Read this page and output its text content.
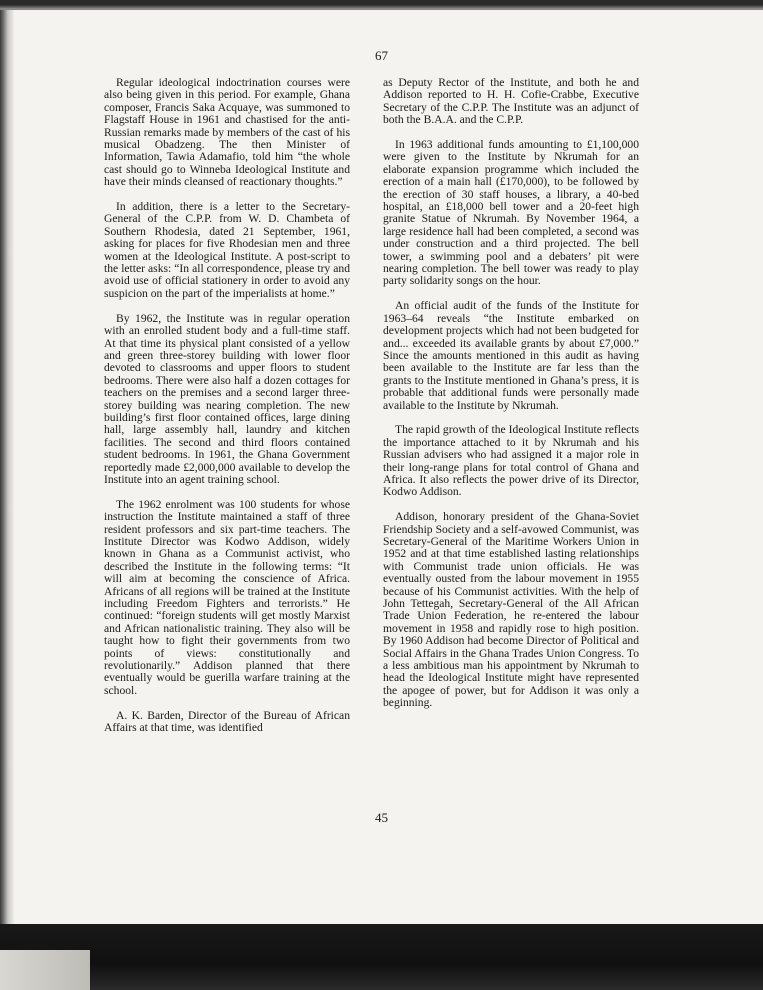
67

Regular ideological indoctrination courses were also being given in this period. For example, Ghana composer, Francis Saka Acquaye, was summoned to Flagstaff House in 1961 and chastised for the anti-Russian remarks made by members of the cast of his musical Obadzeng. The then Minister of Information, Tawia Adamafio, told him “the whole cast should go to Winneba Ideological Institute and have their minds cleansed of reactionary thoughts.”

In addition, there is a letter to the Secretary-General of the C.P.P. from W. D. Chambeta of Southern Rhodesia, dated 21 September, 1961, asking for places for five Rhodesian men and three women at the Ideological Institute. A post-script to the letter asks: “In all correspondence, please try and avoid use of official stationery in order to avoid any suspicion on the part of the imperialists at home.”

By 1962, the Institute was in regular operation with an enrolled student body and a full-time staff. At that time its physical plant consisted of a yellow and green three-storey building with lower floor devoted to classrooms and upper floors to student bedrooms. There were also half a dozen cottages for teachers on the premises and a second larger three-storey building was nearing completion. The new building’s first floor contained offices, large dining hall, large assembly hall, laundry and kitchen facilities. The second and third floors contained student bedrooms. In 1961, the Ghana Government reportedly made £2,000,000 available to develop the Institute into an agent training school.

The 1962 enrolment was 100 students for whose instruction the Institute maintained a staff of three resident professors and six part-time teachers. The Institute Director was Kodwo Addison, widely known in Ghana as a Communist activist, who described the Institute in the following terms: “It will aim at becoming the conscience of Africa. Africans of all regions will be trained at the Institute including Freedom Fighters and terrorists.” He continued: “foreign students will get mostly Marxist and African nationalistic training. They also will be taught how to fight their governments from two points of views: constitutionally and revolutionarily.” Addison planned that there eventually would be guerilla warfare training at the school.

A. K. Barden, Director of the Bureau of African Affairs at that time, was identified

as Deputy Rector of the Institute, and both he and Addison reported to H. H. Cofie-Crabbe, Executive Secretary of the C.P.P. The Institute was an adjunct of both the B.A.A. and the C.P.P.

In 1963 additional funds amounting to £1,100,000 were given to the Institute by Nkrumah for an elaborate expansion programme which included the erection of a main hall (£170,000), to be followed by the erection of 30 staff houses, a library, a 40-bed hospital, an £18,000 bell tower and a 20-feet high granite Statue of Nkrumah. By November 1964, a large residence hall had been completed, a second was under construction and a third projected. The bell tower, a swimming pool and a debaters’ pit were nearing completion. The bell tower was ready to play party solidarity songs on the hour.

An official audit of the funds of the Institute for 1963–64 reveals “the Institute embarked on development projects which had not been budgeted for and... exceeded its available grants by about £7,000.” Since the amounts mentioned in this audit as having been available to the Institute are far less than the grants to the Institute mentioned in Ghana’s press, it is probable that additional funds were personally made available to the Institute by Nkrumah.

The rapid growth of the Ideological Institute reflects the importance attached to it by Nkrumah and his Russian advisers who had assigned it a major role in their long-range plans for total control of Ghana and Africa. It also reflects the power drive of its Director, Kodwo Addison.

Addison, honorary president of the Ghana-Soviet Friendship Society and a self-avowed Communist, was Secretary-General of the Maritime Workers Union in 1952 and at that time established lasting relationships with Communist trade union officials. He was eventually ousted from the labour movement in 1955 because of his Communist activities. With the help of John Tettegah, Secretary-General of the All African Trade Union Federation, he re-entered the labour movement in 1958 and rapidly rose to high position. By 1960 Addison had become Director of Political and Social Affairs in the Ghana Trades Union Congress. To a less ambitious man his appointment by Nkrumah to head the Ideological Institute might have represented the apogee of power, but for Addison it was only a beginning.

45
